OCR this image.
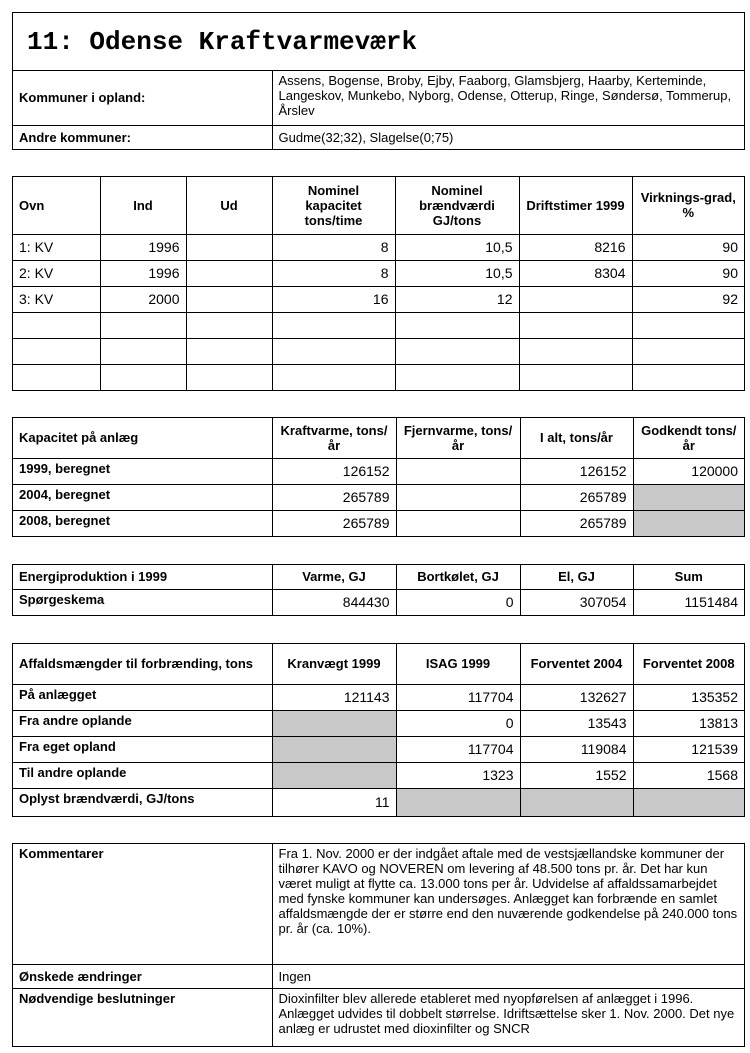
11: Odense Kraftvarmeværk
Kommuner i opland:	Assens, Bogense, Broby, Ejby, Faaborg, Glamsbjerg, Haarby, Kerteminde, Langeskov, Munkebo, Nyborg, Odense, Otterup, Ringe, Søndersø, Tommerup, Årslev
Andre kommuner:	Gudme(32;32), Slagelse(0;75)
Ovn	Ind	Ud	Nominel kapacitet tons/time	Nominel brændværdi GJ/tons	Driftstimer 1999	Virknings-grad, %
1: KV	1996		8	10,5	8216	90
2: KV	1996		8	10,5	8304	90
3: KV	2000		16	12		92

Kapacitet på anlæg	Kraftvarme, tons/år	Fjernvarme, tons/år	I alt, tons/år	Godkendt tons/år
1999, beregnet	126152		126152	120000
2004, beregnet	265789		265789	
2008, beregnet	265789		265789	
Energiproduktion i 1999	Varme, GJ	Bortkølet, GJ	El, GJ	Sum
Spørgeskema	844430	0	307054	1151484
Affaldsmængder til forbrænding, tons	Kranvægt 1999	ISAG 1999	Forventet 2004	Forventet 2008
På anlægget	121143	117704	132627	135352
Fra andre oplande		0	13543	13813
Fra eget opland		117704	119084	121539
Til andre oplande		1323	1552	1568
Oplyst brændværdi, GJ/tons	11			
Kommentarer	Fra 1. Nov. 2000 er der indgået aftale med de vestsjællandske kommuner der tilhører KAVO og NOVEREN om levering af 48.500 tons pr. år. Det har kun været muligt at flytte ca. 13.000 tons per år. Udvidelse af affaldssamarbejdet med fynske kommuner kan undersøges. Anlægget kan forbrænde en samlet affaldsmængde der er større end den nuværende godkendelse på 240.000 tons pr. år (ca. 10%).
Ønskede ændringer	Ingen
Nødvendige beslutninger	Dioxinfilter blev allerede etableret med nyopførelsen af anlægget i 1996. Anlægget udvides til dobbelt størrelse. Idriftsættelse sker 1. Nov. 2000. Det nye anlæg er udrustet med dioxinfilter og SNCR
